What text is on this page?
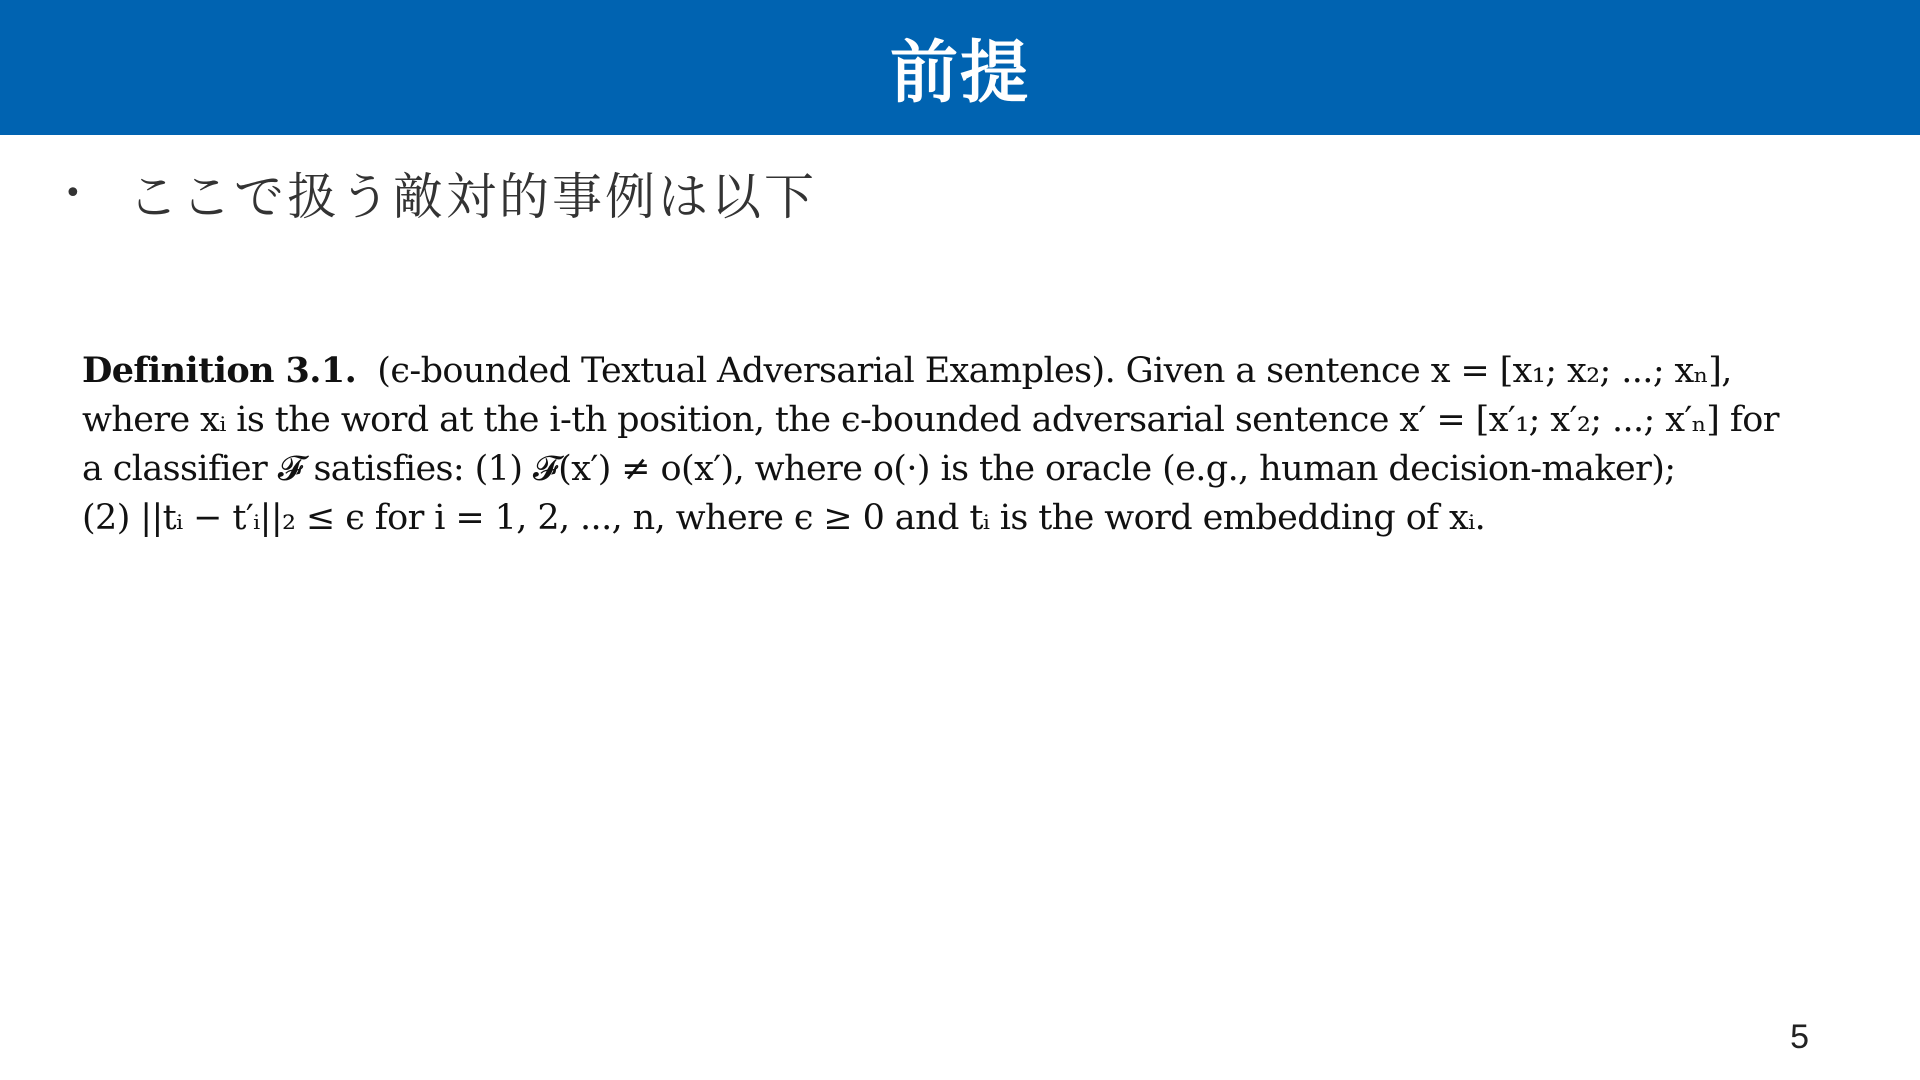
前提
• ここで扱う敵対的事例は以下
Definition 3.1. (ϵ-bounded Textual Adversarial Examples). Given a sentence x = [x₁; x₂; ...; xₙ],
where xᵢ is the word at the i-th position, the ϵ-bounded adversarial sentence x′ = [x′₁; x′₂; ...; x′ₙ] for
a classifier 𝓕 satisfies: (1) 𝓕(x′) ≠ o(x′), where o(·) is the oracle (e.g., human decision-maker);
(2) ||tᵢ − t′ᵢ||₂ ≤ ϵ for i = 1, 2, ..., n, where ϵ ≥ 0 and tᵢ is the word embedding of xᵢ.
5
